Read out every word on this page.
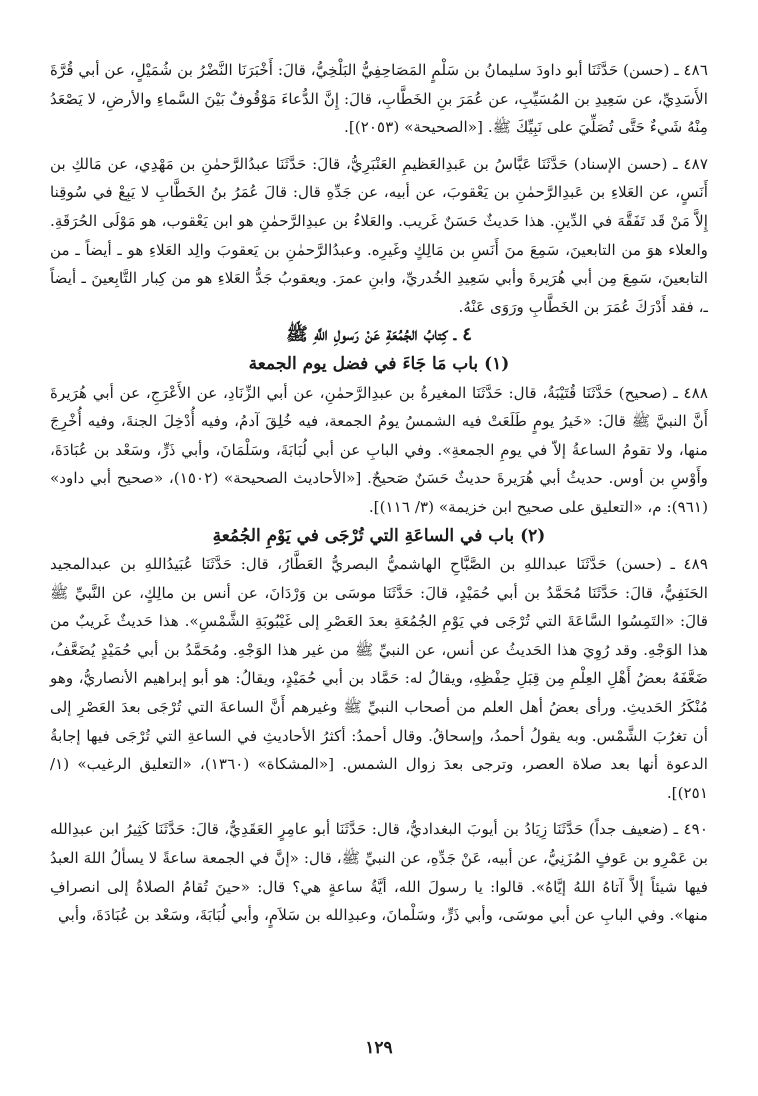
٤٨٦ ـ (حسن) حَدَّثَنَا أبو داودَ سليمانُ بن سَلْمٍ المَصَاحِفِيُّ البَلْخِيُّ، قالَ: أَخْبَرَنَا النَّضْرُ بن شُمَيْلٍ، عن أبي قُرَّةَ الأَسَدِيِّ، عن سَعِيدِ بن المُسَيِّبِ، عن عُمَرَ بنِ الخَطَّابِ، قالَ: إِنَّ الدُّعاءَ مَوْقُوفٌ بَيْنَ السَّماءِ والأرضِ، لا يَصْعَدُ مِنْهُ شَيءٌ حَتَّى تُصَلِّيَ على نَبِيِّكَ ﷺ. [«الصحيحة» (٢٠٥٣)].

٤٨٧ ـ (حسن الإسناد) حَدَّثَنَا عَبَّاسُ بن عَبدِالعَظيمِ العَنْبَرِيُّ، قالَ: حَدَّثَنَا عبدُالرَّحمٰنِ بن مَهْدِي، عن مَالكِ بن أَنَسٍ، عن العَلاءِ بن عَبدِالرَّحمٰنِ بن يَعْقوبَ، عن أبيه، عن جَدِّهِ قال: قالَ عُمَرُ بنُ الخَطَّابِ لا يَبِعْ في سُوقِنا إِلاَّ مَنْ قَد تَفَقَّهَ في الدِّينِ. هذا حَديثٌ حَسَنٌ غَريب. والعَلاءُ بن عبدِالرَّحمٰنِ هو ابن يَعْقوب، هو مَوْلَى الحُرَقَةِ. والعلاء هوَ من التابعينَ، سَمِعَ منَ أَنَسِ بن مَالِكٍ وغَيرِه. وعبدُالرَّحمٰنِ بن يَعقوبَ والِد العَلاءِ هو ـ أيضاً ـ من التابعينَ، سَمِعَ مِن أبي هُرَيرةَ وأبي سَعِيدِ الخُدريِّ، وابنِ عمرَ. ويعقوبُ جَدُّ العَلاءِ هو من كِبار التَّابِعينَ ـ أيضاً ـ، فقد أَدْرَكَ عُمَرَ بن الخَطَّابِ ورَوَى عَنْهُ.

٤ ـ كِتابُ الجُمُعَةِ عَنْ رَسولِ اللَّهِ ﷺ

(١) باب مَا جَاءَ في فضل يوم الجمعة

٤٨٨ ـ (صحيح) حَدَّثَنَا قُتَيْبَةُ، قال: حَدَّثَنَا المغيرةُ بن عبدِالرَّحمٰنِ، عن أبي الزِّنَادِ، عن الأَعْرَجِ، عن أبي هُرَيرةَ أَنَّ النبيَّ ﷺ قالَ: «خَيرُ يومٍ طَلَعَتْ فيه الشمسُ يومُ الجمعة، فيه خُلِقَ آدمُ، وفيه أُدْخِلَ الجنةَ، وفيه أُخْرِجَ منها، ولا تقومُ الساعةُ إلاّ في يومِ الجمعةِ». وفي البابِ عن أبي لُبَابَةَ، وسَلْمَانَ، وأبي ذَرٍّ، وسَعْد بن عُبَادَةَ، وأَوْسِ بن أوس. حديثُ أبي هُرَيرةَ حديثٌ حَسَنٌ صَحيحٌ. [«الأحاديث الصحيحة» (١٥٠٢)، «صحيح أبي داود» (٩٦١): م، «التعليق على صحيح ابن خزيمة» (٣/ ١١٦)].

(٢) باب في الساعَةِ التي تُرْجَى في يَوْمِ الجُمُعةِ

٤٨٩ ـ (حسن) حَدَّثَنَا عبداللهِ بن الصَّبَّاحِ الهاشميُّ البصريُّ العَطَّارُ، قال: حَدَّثَنَا عُبَيدُاللهِ بن عبدالمجيد الحَنَفِيُّ، قالَ: حَدَّثَنَا مُحَمَّدُ بن أبي حُمَيْدٍ، قالَ: حَدَّثَنَا موسَى بن وَرْدَانَ، عن أنس بن مالِكٍ، عن النَّبيِّ ﷺ قالَ: «التَمِسُوا السَّاعَةَ التي تُرْجَى في يَوْمِ الجُمُعَةِ بعدَ العَصْرِ إلى غَيْبُوبَةِ الشَّمْسِ». هذا حَديثٌ غَريبٌ من هذا الوَجْهِ. وقد رُوِيَ هذا الحَديثُ عن أنس، عن النبيِّ ﷺ من غير هذا الوَجْهِ. ومُحَمَّدُ بن أبي حُمَيْدٍ يُضَعَّفُ، ضَعَّفَهُ بعضُ أَهْلِ العِلْمِ مِن قِبَلِ حِفْظِهِ، ويقالُ له: حَمَّاد بن أبي حُمَيْدٍ، ويقالُ: هو أبو إبراهيم الأنصاريُّ، وهو مُنْكَرُ الحَديثِ. ورأى بعضُ أهل العلم من أصحاب النبيِّ ﷺ وغيرهم أَنَّ الساعةَ التي تُرْجَى بعدَ العَصْرِ إلى أن تغرُبَ الشَّمْس. وبه يقولُ أحمدُ، وإسحاقُ. وقال أحمدُ: أكثرُ الأحاديثِ في الساعةِ التي تُرْجَى فيها إجابةُ الدعوة أنها بعد صلاة العصر، وترجى بعدَ زوال الشمس. [«المشكاة» (١٣٦٠)، «التعليق الرغيب» (١/ ٢٥١)].

٤٩٠ ـ (ضعيف جداً) حَدَّثَنَا زِيَادُ بن أيوبَ البغداديُّ، قال: حَدَّثَنَا أبو عامِرٍ العَقَدِيُّ، قالَ: حَدَّثَنَا كَثِيرُ ابن عبدِالله بن عَمْرِو بن عَوفٍ المُزَنِيُّ، عن أبيه، عَنْ جَدِّهِ، عن النبيِّ ﷺ، قال: «إنَّ في الجمعة ساعةً لا يسألُ اللهَ العبدُ فيها شيئاً إلاَّ آتاهُ اللهُ إيَّاهُ». قالوا: يا رسولَ الله، أيَّةُ ساعةٍ هي؟ قال: «حينَ تُقامُ الصلاةُ إلى انصرافِ منها». وفي البابِ عن أبي موسَى، وأبي ذَرٍّ، وسَلْمانَ، وعبدِالله بن سَلاَمٍ، وأبي لُبَابَةَ، وسَعْد بن عُبَادَةَ، وأبي

١٢٩
